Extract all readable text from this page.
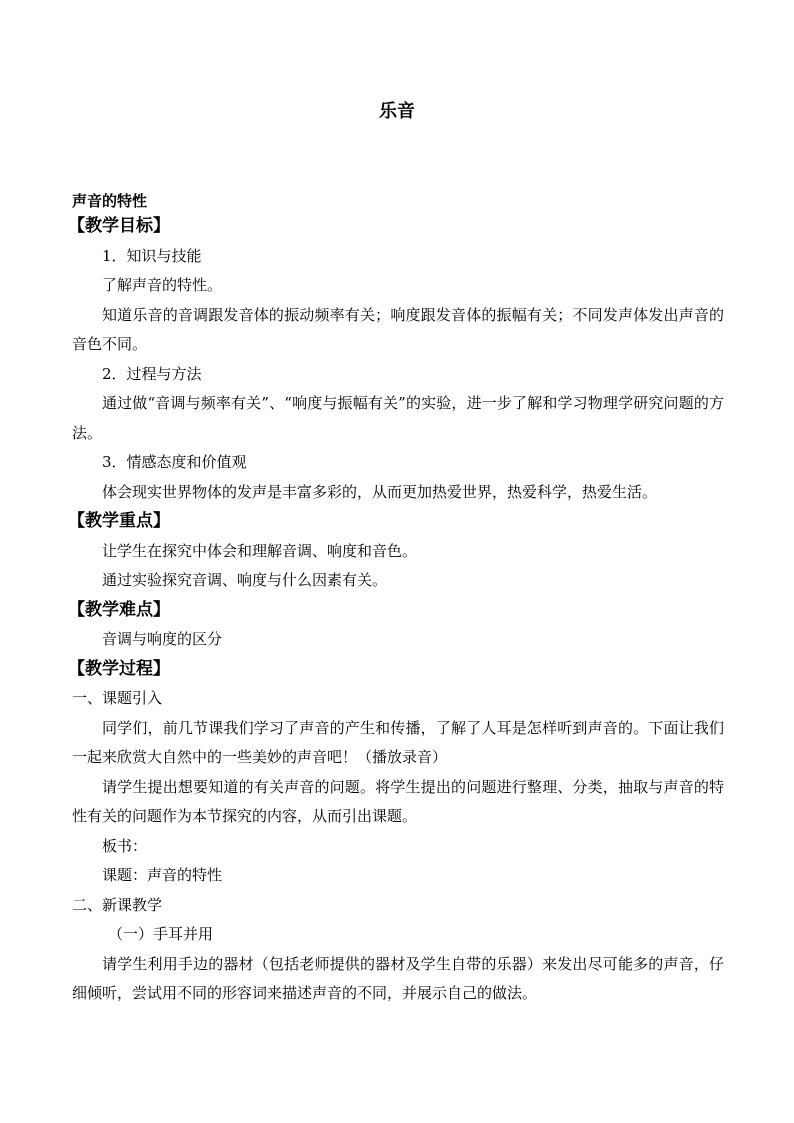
乐音

声音的特性

【教学目标】

1．知识与技能

了解声音的特性。

知道乐音的音调跟发音体的振动频率有关；响度跟发音体的振幅有关；不同发声体发出声音的音色不同。

2．过程与方法

通过做“音调与频率有关”、“响度与振幅有关”的实验，进一步了解和学习物理学研究问题的方法。

3．情感态度和价值观

体会现实世界物体的发声是丰富多彩的，从而更加热爱世界，热爱科学，热爱生活。

【教学重点】

让学生在探究中体会和理解音调、响度和音色。

通过实验探究音调、响度与什么因素有关。

【教学难点】

音调与响度的区分

【教学过程】

一、课题引入

同学们，前几节课我们学习了声音的产生和传播，了解了人耳是怎样听到声音的。下面让我们一起来欣赏大自然中的一些美妙的声音吧！（播放录音）

请学生提出想要知道的有关声音的问题。将学生提出的问题进行整理、分类，抽取与声音的特性有关的问题作为本节探究的内容，从而引出课题。

板书：

课题：声音的特性

二、新课教学

（一）手耳并用

请学生利用手边的器材（包括老师提供的器材及学生自带的乐器）来发出尽可能多的声音，仔细倾听，尝试用不同的形容词来描述声音的不同，并展示自己的做法。
